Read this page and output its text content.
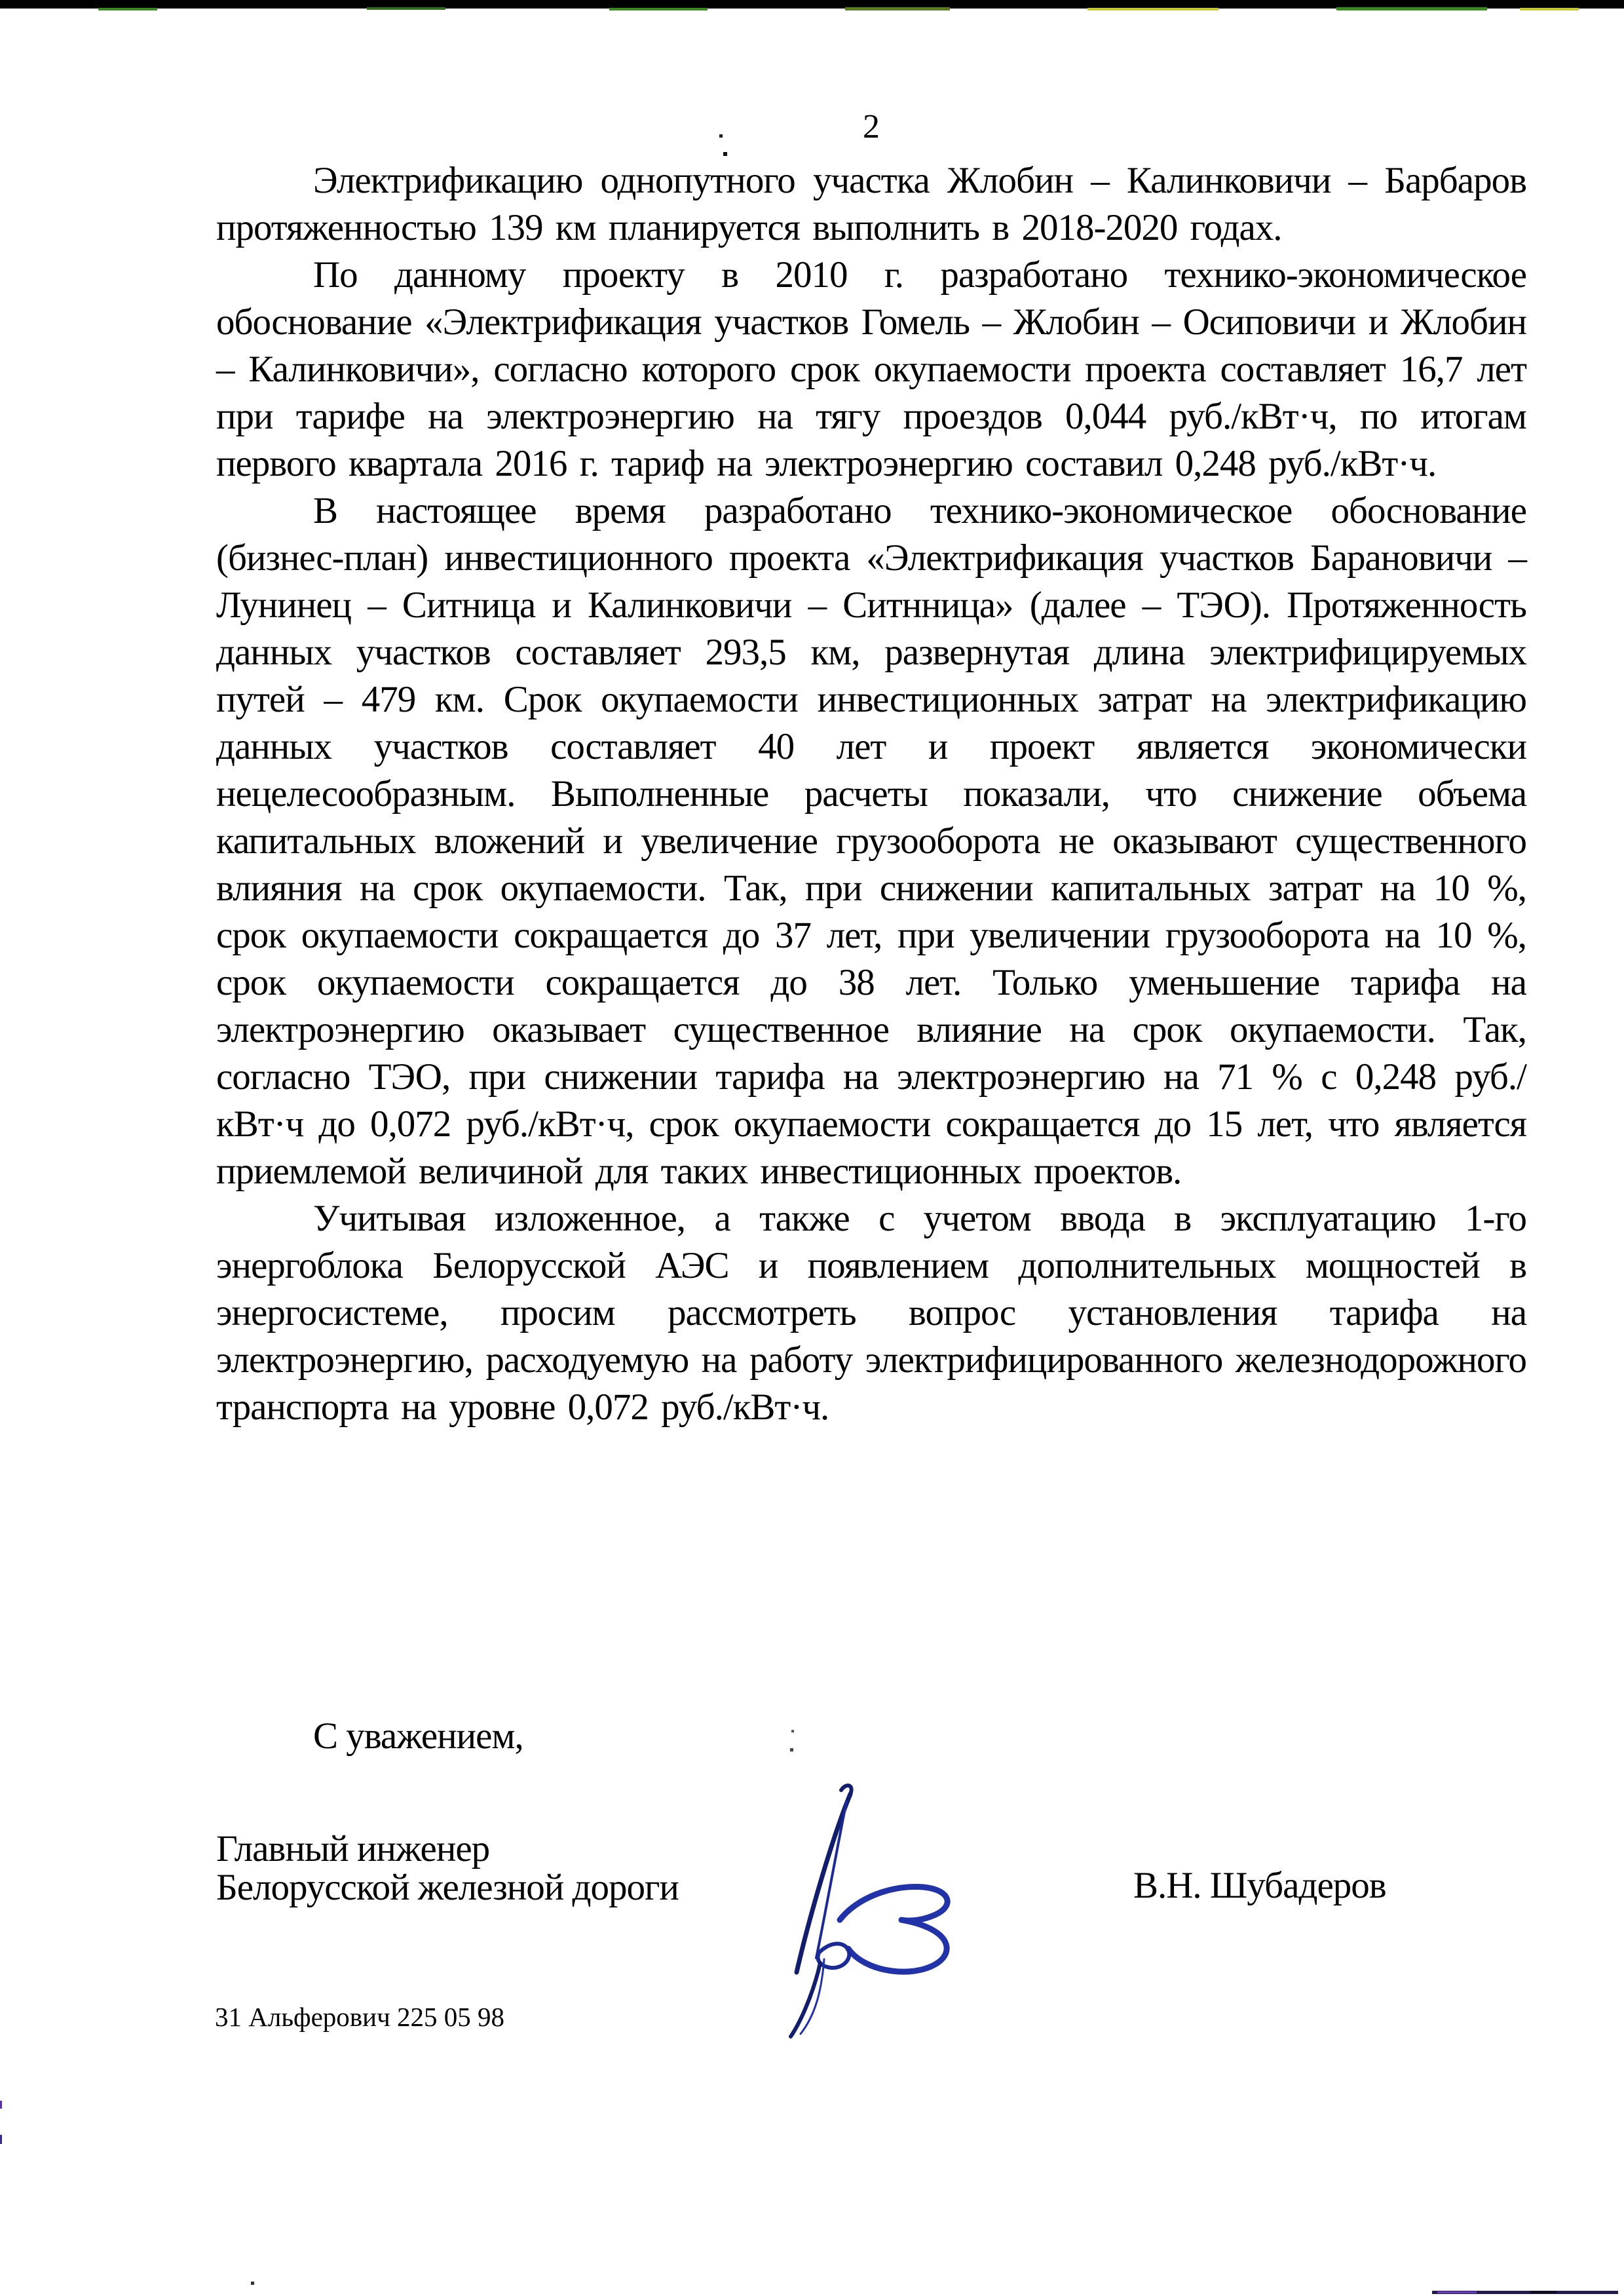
2

Электрификацию однопутного участка Жлобин – Калинковичи – Барбаров протяженностью 139 км планируется выполнить в 2018-2020 годах.

По данному проекту в 2010 г. разработано технико-экономическое обоснование «Электрификация участков Гомель – Жлобин – Осиповичи и Жлобин – Калинковичи», согласно которого срок окупаемости проекта составляет 16,7 лет при тарифе на электроэнергию на тягу проездов 0,044 руб./кВт·ч, по итогам первого квартала 2016 г. тариф на электроэнергию составил 0,248 руб./кВт·ч.

В настоящее время разработано технико-экономическое обоснование (бизнес-план) инвестиционного проекта «Электрификация участков Барановичи – Лунинец – Ситница и Калинковичи – Ситнница» (далее – ТЭО). Протяженность данных участков составляет 293,5 км, развернутая длина электрифицируемых путей – 479 км. Срок окупаемости инвестиционных затрат на электрификацию данных участков составляет 40 лет и проект является экономически нецелесообразным. Выполненные расчеты показали, что снижение объема капитальных вложений и увеличение грузооборота не оказывают существенного влияния на срок окупаемости. Так, при снижении капитальных затрат на 10 %, срок окупаемости сокращается до 37 лет, при увеличении грузооборота на 10 %, срок окупаемости сокращается до 38 лет. Только уменьшение тарифа на электроэнергию оказывает существенное влияние на срок окупаемости. Так, согласно ТЭО, при снижении тарифа на электроэнергию на 71 % с 0,248 руб./кВт·ч до 0,072 руб./кВт·ч, срок окупаемости сокращается до 15 лет, что является приемлемой величиной для таких инвестиционных проектов.

Учитывая изложенное, а также с учетом ввода в эксплуатацию 1-го энергоблока Белорусской АЭС и появлением дополнительных мощностей в энергосистеме, просим рассмотреть вопрос установления тарифа на электроэнергию, расходуемую на работу электрифицированного железнодорожного транспорта на уровне 0,072 руб./кВт·ч.

С уважением,
Главный инженер
Белорусской железной дороги	В.Н. Шубадеров
31 Альферович 225 05 98
